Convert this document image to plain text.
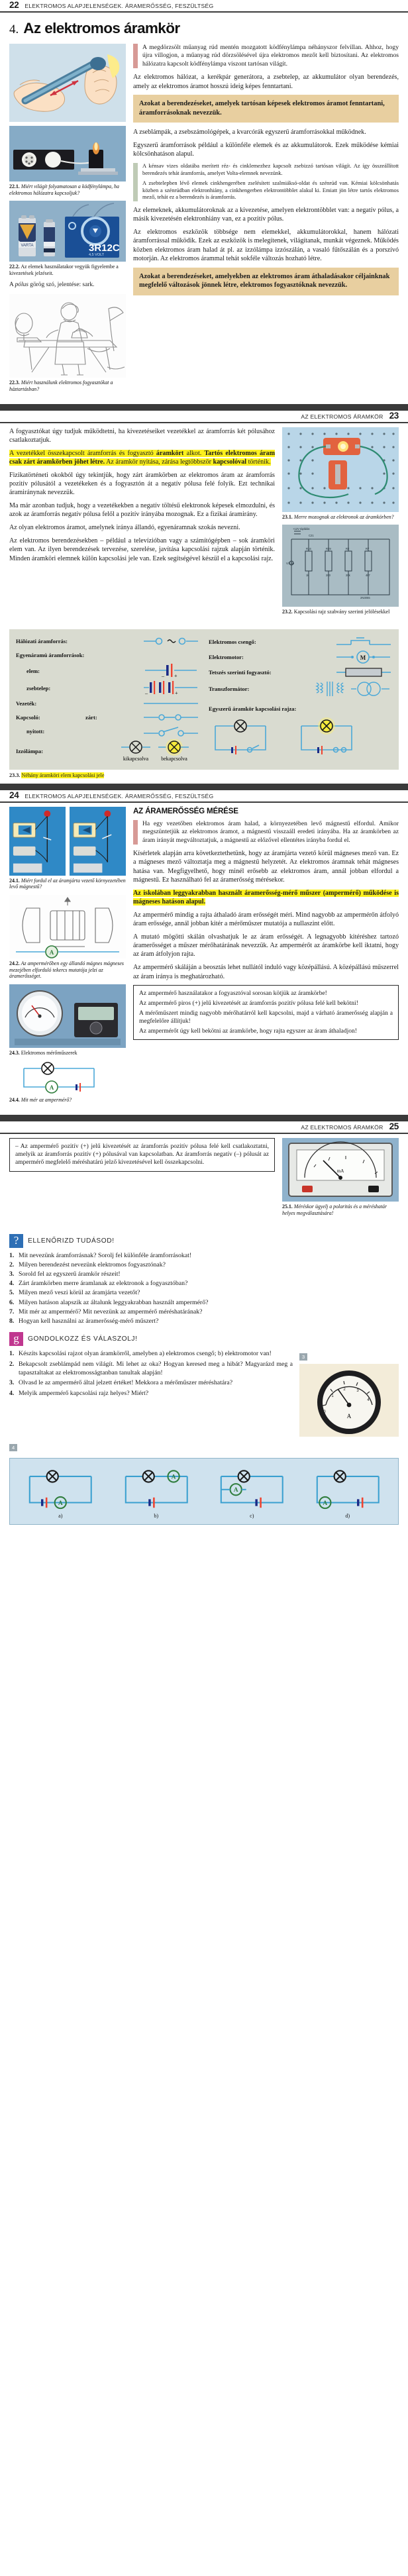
22 ELEKTROMOS ALAPJELENSÉGEK. ÁRAMERŐSSÉG, FESZÜLTSÉG
4. Az elektromos áramkör
22.1. Miért világít folyamatosan a ködfénylámpa, ha elektromos hálózatra kapcsoljuk?
VARTA	3R12C
4,5 VOLT
22.2. Az elemek használatakor vegyük figyelembe a kivezetések jelzéseit.
A pólus görög szó, jelentése: sark.
22.3. Miért használunk elektromos fogyasztókat a háztartásban?

A megdörzsölt műanyag rúd mentén mozgatott ködfénylámpa néhányszor felvillan. Ahhoz, hogy újra villogjon, a műanyag rúd dörzsölésével újra elektromos mezőt kell biztosítani. Az elektromos hálózatra kapcsolt ködfénylámpa viszont tartósan világít.

Az elektromos hálózat, a kerékpár generátora, a zsebtelep, az akkumulátor olyan berendezés, amely az elektromos áramot hosszú ideig képes fenntartani.

Azokat a berendezéseket, amelyek tartósan képesek elektromos áramot fenntartani, áramforrásoknak nevezzük.

A zseblámpák, a zsebszámológépek, a kvarcórák egyszerű áramforrásokkal működnek.

Egyszerű áramforrások például a különféle elemek és az akkumulátorok. Ezek működése kémiai kölcsönhatáson alapul.

A kénsav vizes oldatába merített réz- és cinklemezhez kapcsolt zsebizzó tartósan világít. Az így összeállított berendezés tehát áramforrás, amelyet Volta-elemnek nevezünk.

A zsebtelepben lévő elemek cinkhengerében zselésített szalmiáksó-oldat és szénrúd van. Kémiai kölcsönhatás közben a szénrúdban elektronhiány, a cinkhengerben elektrontöbblet alakul ki. Emiatt jön létre tartós elektromos mező, tehát ez a berendezés is áramforrás.

Az elemeknek, akkumulátoroknak az a kivezetése, amelyen elektrontöbblet van: a negatív pólus, a másik kivezetésén elektronhiány van, ez a pozitív pólus.

Az elektromos eszközök többsége nem elemekkel, akkumulátorokkal, hanem hálózati áramforrással működik. Ezek az eszközök is melegítenek, világítanak, munkát végeznek. Működés közben elektromos áram halad át pl. az izzólámpa izzószálán, a vasaló fűtőszálán és a porszívó motorján. Az elektromos árammal tehát sokféle változás hozható létre.

Azokat a berendezéseket, amelyekben az elektromos áram áthaladásakor céljainknak megfelelő változások jönnek létre, elektromos fogyasztóknak nevezzük.

AZ ELEKTROMOS ÁRAMKÖR 23

A fogyasztókat úgy tudjuk működtetni, ha kivezetéseiket vezetékkel az áramforrás két pólusához csatlakoztatjuk.

A vezetékkel összekapcsolt áramforrás és fogyasztó áramkört alkot. Tartós elektromos áram csak zárt áramkörben jöhet létre. Az áramkör nyitása, zárása legtöbbször kapcsolóval történik.

Fizikatörténeti okokból úgy tekintjük, hogy zárt áramkörben az elektromos áram az áramforrás pozitív pólusától a vezetékeken és a fogyasztón át a negatív pólusa felé folyik. Ezt technikai áramiránynak nevezzük.

Ma már azonban tudjuk, hogy a vezetékekben a negatív töltésű elektronok képesek elmozdulni, és azok az áramforrás negatív pólusa felől a pozitív irányába mozognak. Ez a fizikai áramirány.

Az olyan elektromos áramot, amelynek iránya állandó, egyenáramnak szokás nevezni.

Az elektromos berendezésekben – például a televízióban vagy a számítógépben – sok áramköri elem van. Az ilyen berendezések tervezése, szerelése, javítása kapcsolási rajzuk alapján történik. Minden áramköri elemnek külön kapcsolási jele van. Ezek segítségével készül el a kapcsolási rajz.

23.1. Merre mozognak az elektronok az áramkörben?
R16
1k
R29
200
R2
20k
R7
4k7
+12V táplálás
V/2,5e
C21
2N3055
23.2. Kapcsolási rajz szabvány szerinti jelölésekkel
Hálózati áramforrás:
Egyenáramú áramforrások:
elem:
– +
zsebtelep:
–	+
Vezeték:
Kapcsoló:	zárt:
nyitott:
Izzólámpa:
kikapcsolva bekapcsolva
Elektromos csengő:
Elektromotor:	M
Tetszés szerinti fogyasztó:
Transzformátor:
Egyszerű áramkör kapcsolási rajza:
23.3. Néhány áramköri elem kapcsolási jele
24 ELEKTROMOS ALAPJELENSÉGEK. ÁRAMERŐSSÉG, FESZÜLTSÉG
24.1. Miért fordul el az áramjárta vezető környezetében levő mágnestű?
A
24.2. Az ampermérőben egy állandó mágnes mágneses mezejében elforduló tekercs mutatója jelzi az áramerősséget.
24.3. Elektromos mérőműszerek
A
24.4. Mit mér az ampermérő?
AZ ÁRAMERŐSSÉG MÉRÉSE

Ha egy vezetőben elektromos áram halad, a környezetében levő mágnestű elfordul. Amikor megszüntetjük az elektromos áramot, a mágnestű visszaáll eredeti irányába. Ha az áramkörben az áram irányát megváltoztatjuk, a mágnestű az előzővel ellentétes irányba fordul el.

Kísérletek alapján arra következtethetünk, hogy az áramjárta vezető körül mágneses mező van. Ez a mágneses mező változtatja meg a mágnestű helyzetét. Az elektromos áramnak tehát mágneses hatása van. Megfigyelhető, hogy minél erősebb az elektromos áram, annál jobban elfordul a mágnestű. Ez használható fel az áramerősség mérésekor.

Az iskolában leggyakrabban használt áramerősség-mérő műszer (ampermérő) működése is mágneses hatáson alapul.

Az ampermérő mindig a rajta áthaladó áram erősségét méri. Mind nagyobb az ampermérőn átfolyó áram erőssége, annál jobban kitér a mérőműszer mutatója a nullaszint előtt.

A mutató mögötti skálán olvashatjuk le az áram erősségét. A legnagyobb kitéréshez tartozó áramerősséget a műszer mérőhatárának nevezzük. Az ampermérőt az áramkörbe kell iktatni, hogy az áram átfolyjon rajta.

Az ampermérő skáláján a beosztás lehet nullától induló vagy középállású. A középállású műszerrel az áram iránya is meghatározható.

Az ampermérő használatakor a fogyasztóval sorosan kötjük az áramkörbe!

Az ampermérő piros (+) jelű kivezetését az áramforrás pozitív pólusa felé kell bekötni!

A mérőműszert mindig nagyobb mérőhatárról kell kapcsolni, majd a várható áramerősség alapján a megfelelőre állítjuk!

Az ampermérőt úgy kell bekötni az áramkörbe, hogy rajta egyszer az áram áthaladjon!

AZ ELEKTROMOS ÁRAMKÖR 25
– Az ampermérő pozitív (+) jelű kivezetését az áramforrás pozitív pólusa felé kell csatlakoztatni, amelyik az áramforrás pozitív (+) pólusával van kapcsolatban. Az áramforrás negatív (–) pólusát az ampermérő megfelelő méréshatárú jelző kivezetésével kell összekapcsolni.
mA
25.1. Méréskor ügyelj a polaritás és a méréshatár helyes megválasztására!
?	ELLENŐRIZD TUDÁSOD!
1. Mit nevezünk áramforrásnak? Sorolj fel különféle áramforrásokat!
2. Milyen berendezést nevezünk elektromos fogyasztónak?
3. Sorold fel az egyszerű áramkör részeit!
4. Zárt áramkörben merre áramlanak az elektronok a fogyasztóban?
5. Milyen mező veszi körül az áramjárta vezetőt?
6. Milyen hatáson alapszik az általunk leggyakrabban használt ampermérő?
7. Mit mér az ampermérő? Mit nevezünk az ampermérő méréshatárának?
8. Hogyan kell használni az áramerősség-mérő műszert?
g	GONDOLKOZZ ÉS VÁLASZOLJ!
1. Készíts kapcsolási rajzot olyan áramkörről, amelyben a) elektromos csengő; b) elektromotor van!
2. Bekapcsolt zseblámpád nem világít. Mi lehet az oka? Hogyan keresed meg a hibát? Magyarázd meg a tapasztaltakat az elektromosságtanban tanultak alapján!
3. Olvasd le az ampermérő által jelzett értéket! Mekkora a mérőműszer méréshatára?
4. Melyik ampermérő kapcsolási rajz helyes? Miért?
3
0
1
2	3
4
A
4
A
a)
A
b)
A
c)
A
d)
